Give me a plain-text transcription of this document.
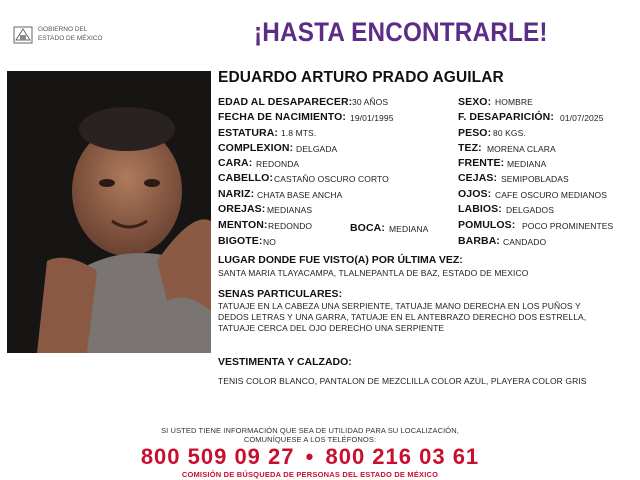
GOBIERNO DEL
ESTADO DE MÉXICO	¡HASTA ENCONTRARLE!
EDUARDO ARTURO PRADO AGUILAR
EDAD AL DESAPARECER: 30 AÑOS	SEXO: HOMBRE
FECHA DE NACIMIENTO: 19/01/1995	F. DESAPARICIÓN: 01/07/2025
ESTATURA: 1.8 MTS.	PESO: 80 KGS.
COMPLEXION: DELGADA	TEZ: MORENA CLARA
CARA: REDONDA	FRENTE: MEDIANA
CABELLO: CASTAÑO OSCURO CORTO	CEJAS: SEMIPOBLADAS
NARIZ: CHATA BASE ANCHA	OJOS: CAFE OSCURO MEDIANOS
OREJAS: MEDIANAS	LABIOS: DELGADOS
MENTON: REDONDO	BOCA: MEDIANA	POMULOS: POCO PROMINENTES
BIGOTE: NO	BARBA: CANDADO
LUGAR DONDE FUE VISTO(A) POR ÚLTIMA VEZ:
SANTA MARIA TLAYACAMPA, TLALNEPANTLA DE BAZ, ESTADO DE MEXICO
SENAS PARTICULARES:
TATUAJE EN LA CABEZA UNA SERPIENTE, TATUAJE MANO DERECHA EN LOS PUÑOS Y
DEDOS LETRAS Y UNA GARRA, TATUAJE EN EL ANTEBRAZO DERECHO DOS ESTRELLA,
TATUAJE CERCA DEL OJO DERECHO UNA SERPIENTE
VESTIMENTA Y CALZADO:
TENIS COLOR BLANCO, PANTALON DE MEZCLILLA COLOR AZUL, PLAYERA COLOR GRIS
SI USTED TIENE INFORMACIÓN QUE SEA DE UTILIDAD PARA SU LOCALIZACIÓN,
COMUNÍQUESE A LOS TELÉFONOS:
800 509 09 27 • 800 216 03 61
COMISIÓN DE BÚSQUEDA DE PERSONAS DEL ESTADO DE MÉXICO
